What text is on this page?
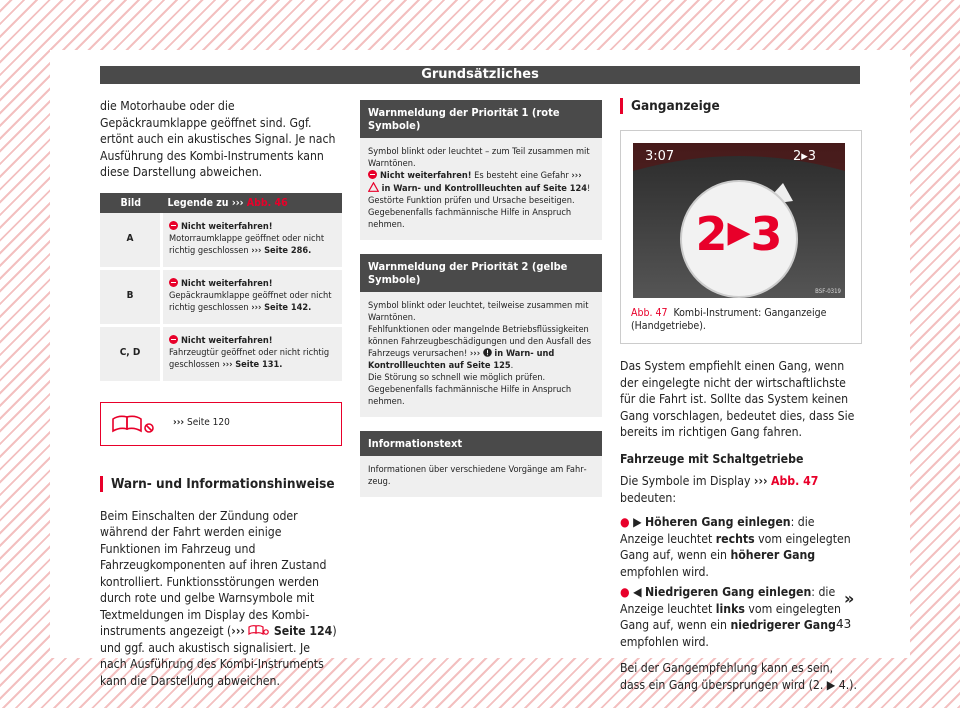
Grundsätzliches
die Motorhaube oder die Gepäckraumklappe geöffnet sind. Ggf. ertönt auch ein akustisches Signal. Je nach Ausführung des Kombi-Instruments kann diese Darstellung abweichen.
Bild	Legende zu ››› Abb. 46
A	Nicht weiterfahren!
Motorraumklappe geöffnet oder nicht richtig geschlossen ››› Seite 286.
B	Nicht weiterfahren!
Gepäckraumklappe geöffnet oder nicht richtig geschlossen ››› Seite 142.
C, D	Nicht weiterfahren!
Fahrzeugtür geöffnet oder nicht richtig geschlossen ››› Seite 131.
››› Seite 120
Warn- und Informationshinweise
Beim Einschalten der Zündung oder während der Fahrt werden einige Funktionen im Fahrzeug und Fahrzeugkomponenten auf ihren Zustand kontrolliert. Funktionsstörungen werden durch rote und gelbe Warnsymbole mit Textmeldungen im Display des Kombi-instruments angezeigt (››› Seite 124) und ggf. auch akustisch signalisiert. Je nach Ausführung des Kombi-Instruments kann die Darstellung abweichen.
Warnmeldung der Priorität 1 (rote Symbole)
Symbol blinkt oder leuchtet – zum Teil zusammen mit Warntönen.
Nicht weiterfahren! Es besteht eine Gefahr ›››  in Warn- und Kontrollleuchten auf Seite 124!
Gestörte Funktion prüfen und Ursache beseitigen. Gegebenenfalls fachmännische Hilfe in Anspruch nehmen.
Warnmeldung der Priorität 2 (gelbe Symbole)
Symbol blinkt oder leuchtet, teilweise zusammen mit Warntönen.
Fehlfunktionen oder mangelnde Betriebsflüssigkeiten können Fahrzeugbeschädigungen und den Ausfall des Fahrzeugs verursachen! ››› in Warn- und Kontrollleuchten auf Seite 125.
Die Störung so schnell wie möglich prüfen. Gegebenenfalls fachmännische Hilfe in Anspruch nehmen.
Informationstext
Informationen über verschiedene Vorgänge am Fahrzeug.
Ganganzeige
3:07	2▸3
2▶3
BSF-0319
Abb. 47 Kombi-Instrument: Ganganzeige (Handgetriebe).
Das System empfiehlt einen Gang, wenn der eingelegte nicht der wirtschaftlichste für die Fahrt ist. Sollte das System keinen Gang vorschlagen, bedeutet dies, dass Sie bereits im richtigen Gang fahren.
Fahrzeuge mit Schaltgetriebe
Die Symbole im Display ››› Abb. 47 bedeuten:
● ▶ Höheren Gang einlegen: die Anzeige leuchtet rechts vom eingelegten Gang auf, wenn ein höherer Gang empfohlen wird.
● ◀ Niedrigeren Gang einlegen: die Anzeige leuchtet links vom eingelegten Gang auf, wenn ein niedrigerer Gang empfohlen wird.
Bei der Gangempfehlung kann es sein, dass ein Gang übersprungen wird (2. ▶ 4.).
»
43
